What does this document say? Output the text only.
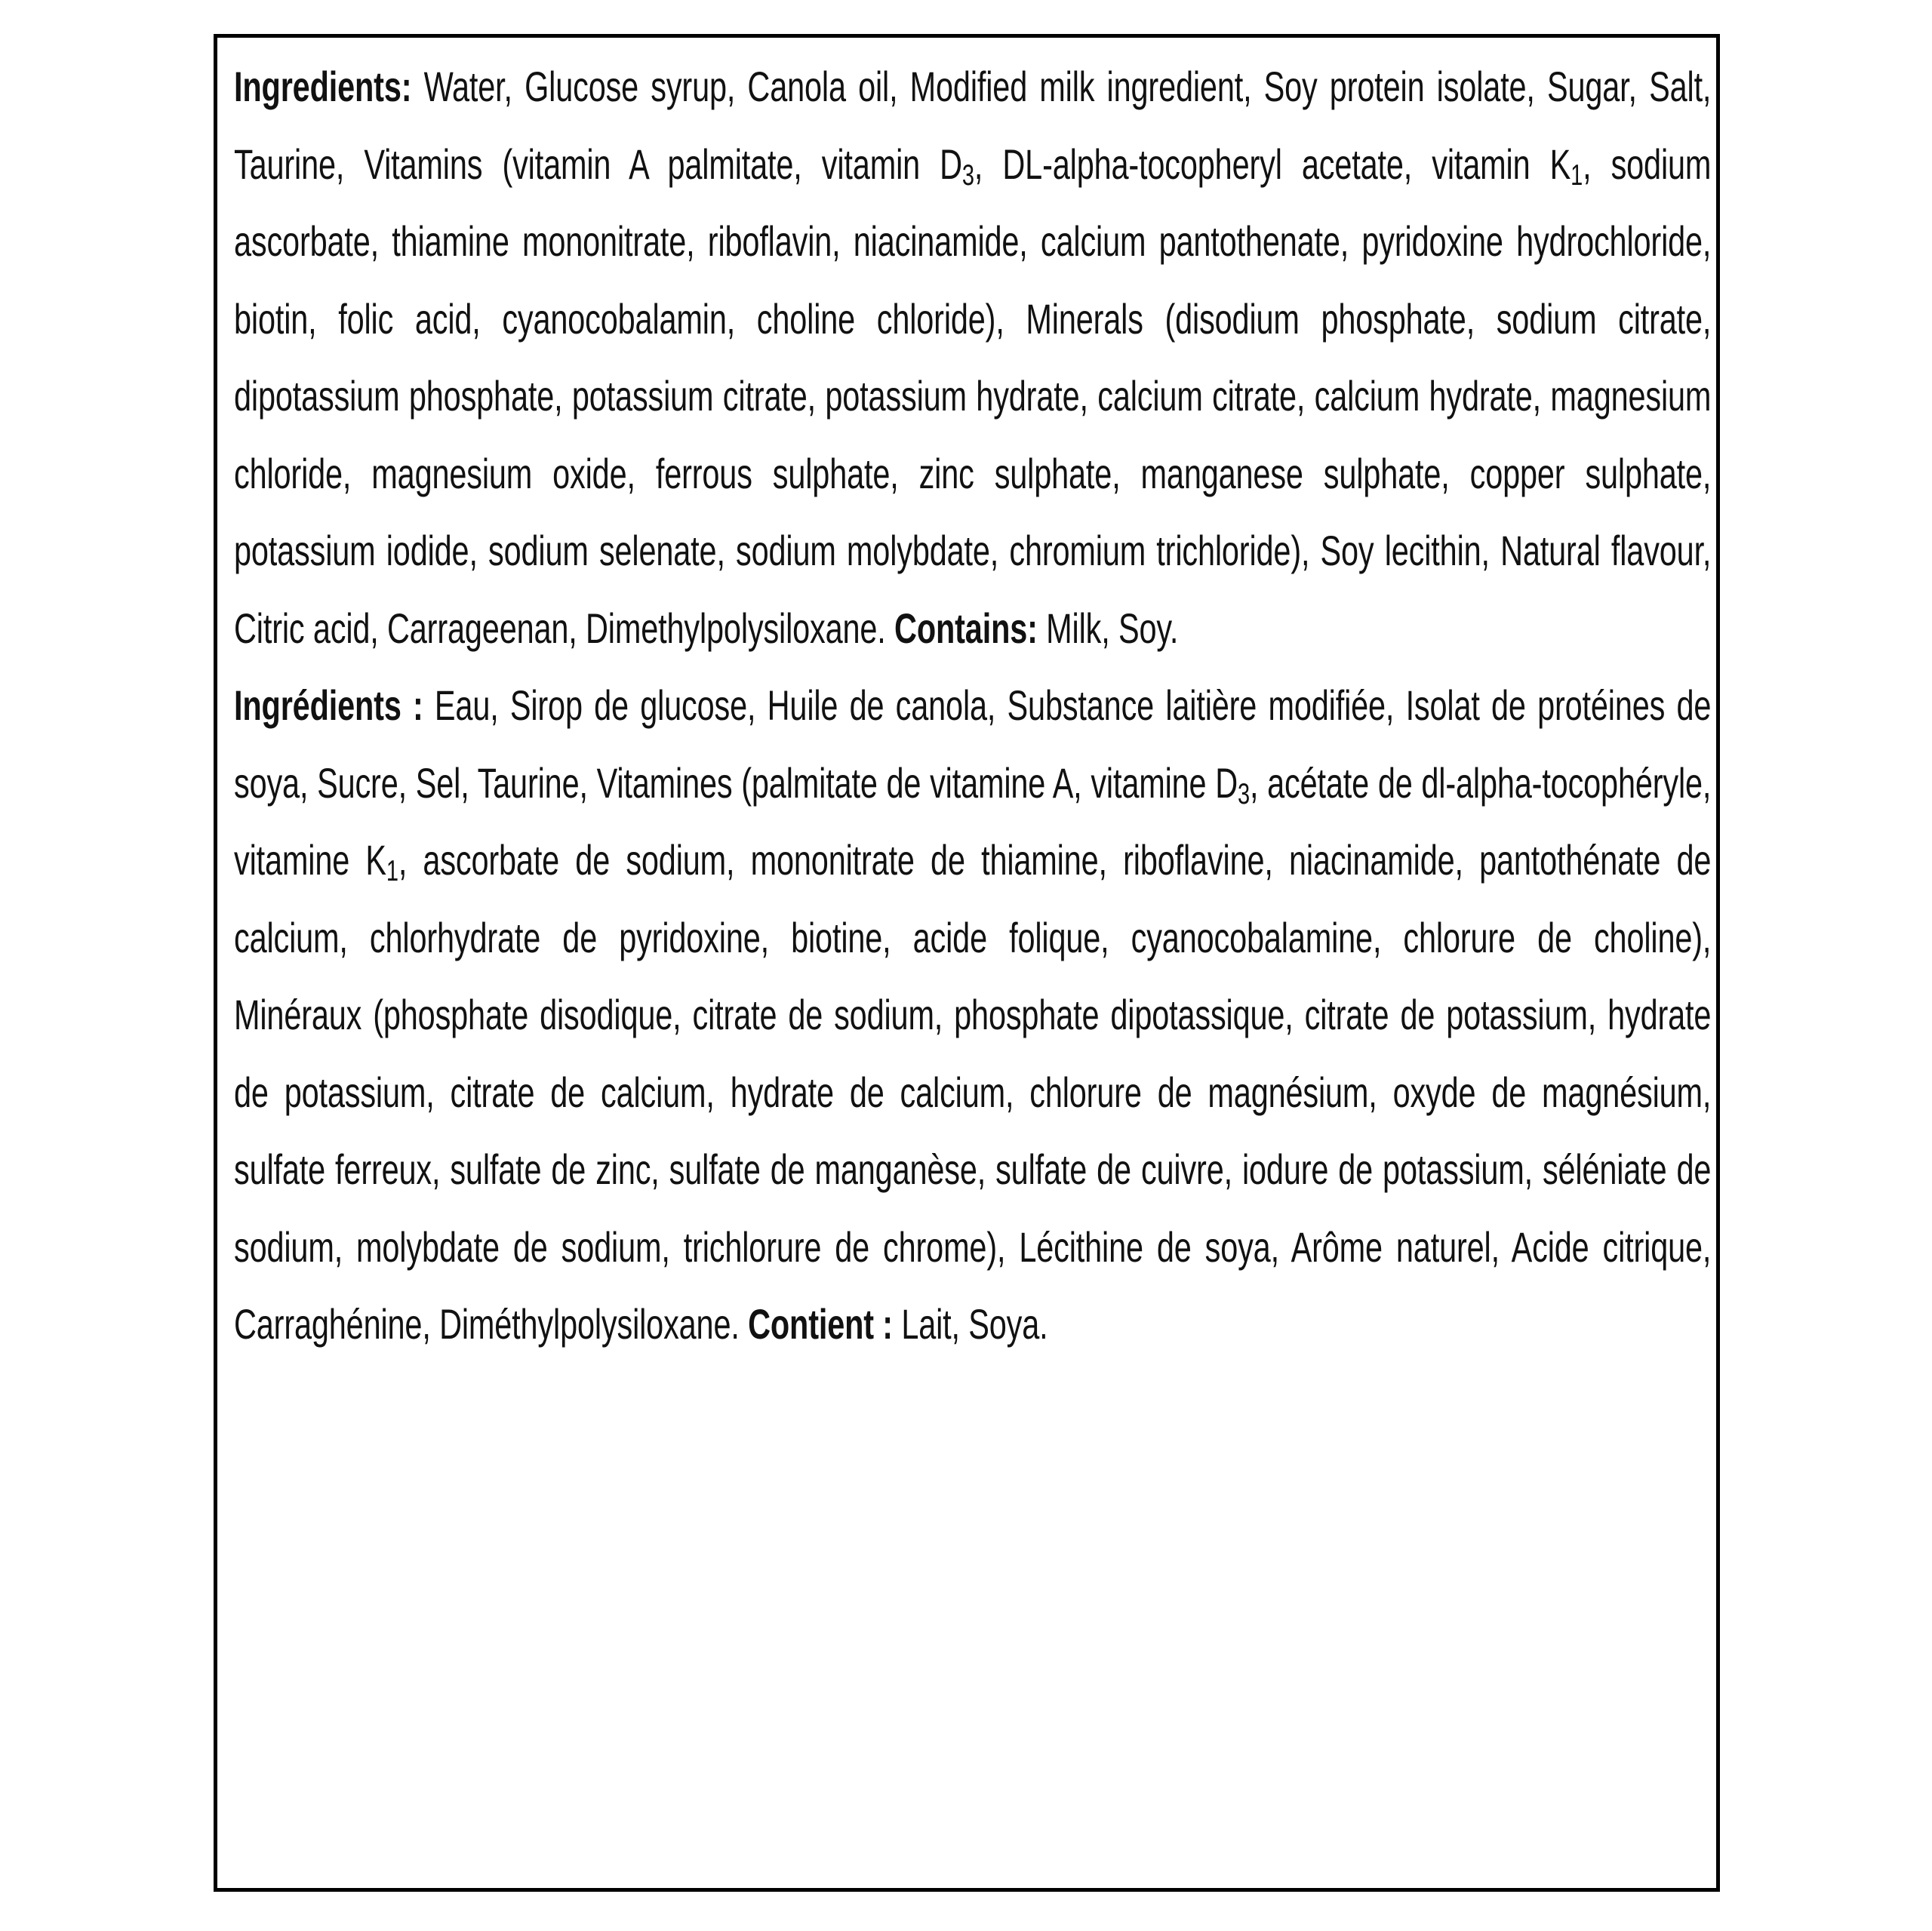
Ingredients: Water, Glucose syrup, Canola oil, Modified milk ingredient, Soy protein isolate, Sugar, Salt, Taurine, Vitamins (vitamin A palmitate, vitamin $D_3$, DL-alpha-tocopheryl acetate, vitamin $K_1$, sodium ascorbate, thiamine mononitrate, riboflavin, niacinamide, calcium pantothenate, pyridoxine hydrochloride, biotin, folic acid, cyanocobalamin, choline chloride), Minerals (disodium phosphate, sodium citrate, dipotassium phosphate, potassium citrate, potassium hydrate, calcium citrate, calcium hydrate, magnesium chloride, magnesium oxide, ferrous sulphate, zinc sulphate, manganese sulphate, copper sulphate, potassium iodide, sodium selenate, sodium molybdate, chromium trichloride), Soy lecithin, Natural flavour, Citric acid, Carrageenan, Dimethylpolysiloxane. Contains: Milk, Soy.

Ingrédients : Eau, Sirop de glucose, Huile de canola, Substance laitière modifiée, Isolat de protéines de soya, Sucre, Sel, Taurine, Vitamines (palmitate de vitamine A, vitamine $D_3$, acétate de dl-alpha-tocophéryle, vitamine $K_1$, ascorbate de sodium, mononitrate de thiamine, riboflavine, niacinamide, pantothénate de calcium, chlorhydrate de pyridoxine, biotine, acide folique, cyanocobalamine, chlorure de choline), Minéraux (phosphate disodique, citrate de sodium, phosphate dipotassique, citrate de potassium, hydrate de potassium, citrate de calcium, hydrate de calcium, chlorure de magnésium, oxyde de magnésium, sulfate ferreux, sulfate de zinc, sulfate de manganèse, sulfate de cuivre, iodure de potassium, séléniate de sodium, molybdate de sodium, trichlorure de chrome), Lécithine de soya, Arôme naturel, Acide citrique, Carraghénine, Diméthylpolysiloxane. Contient : Lait, Soya.
